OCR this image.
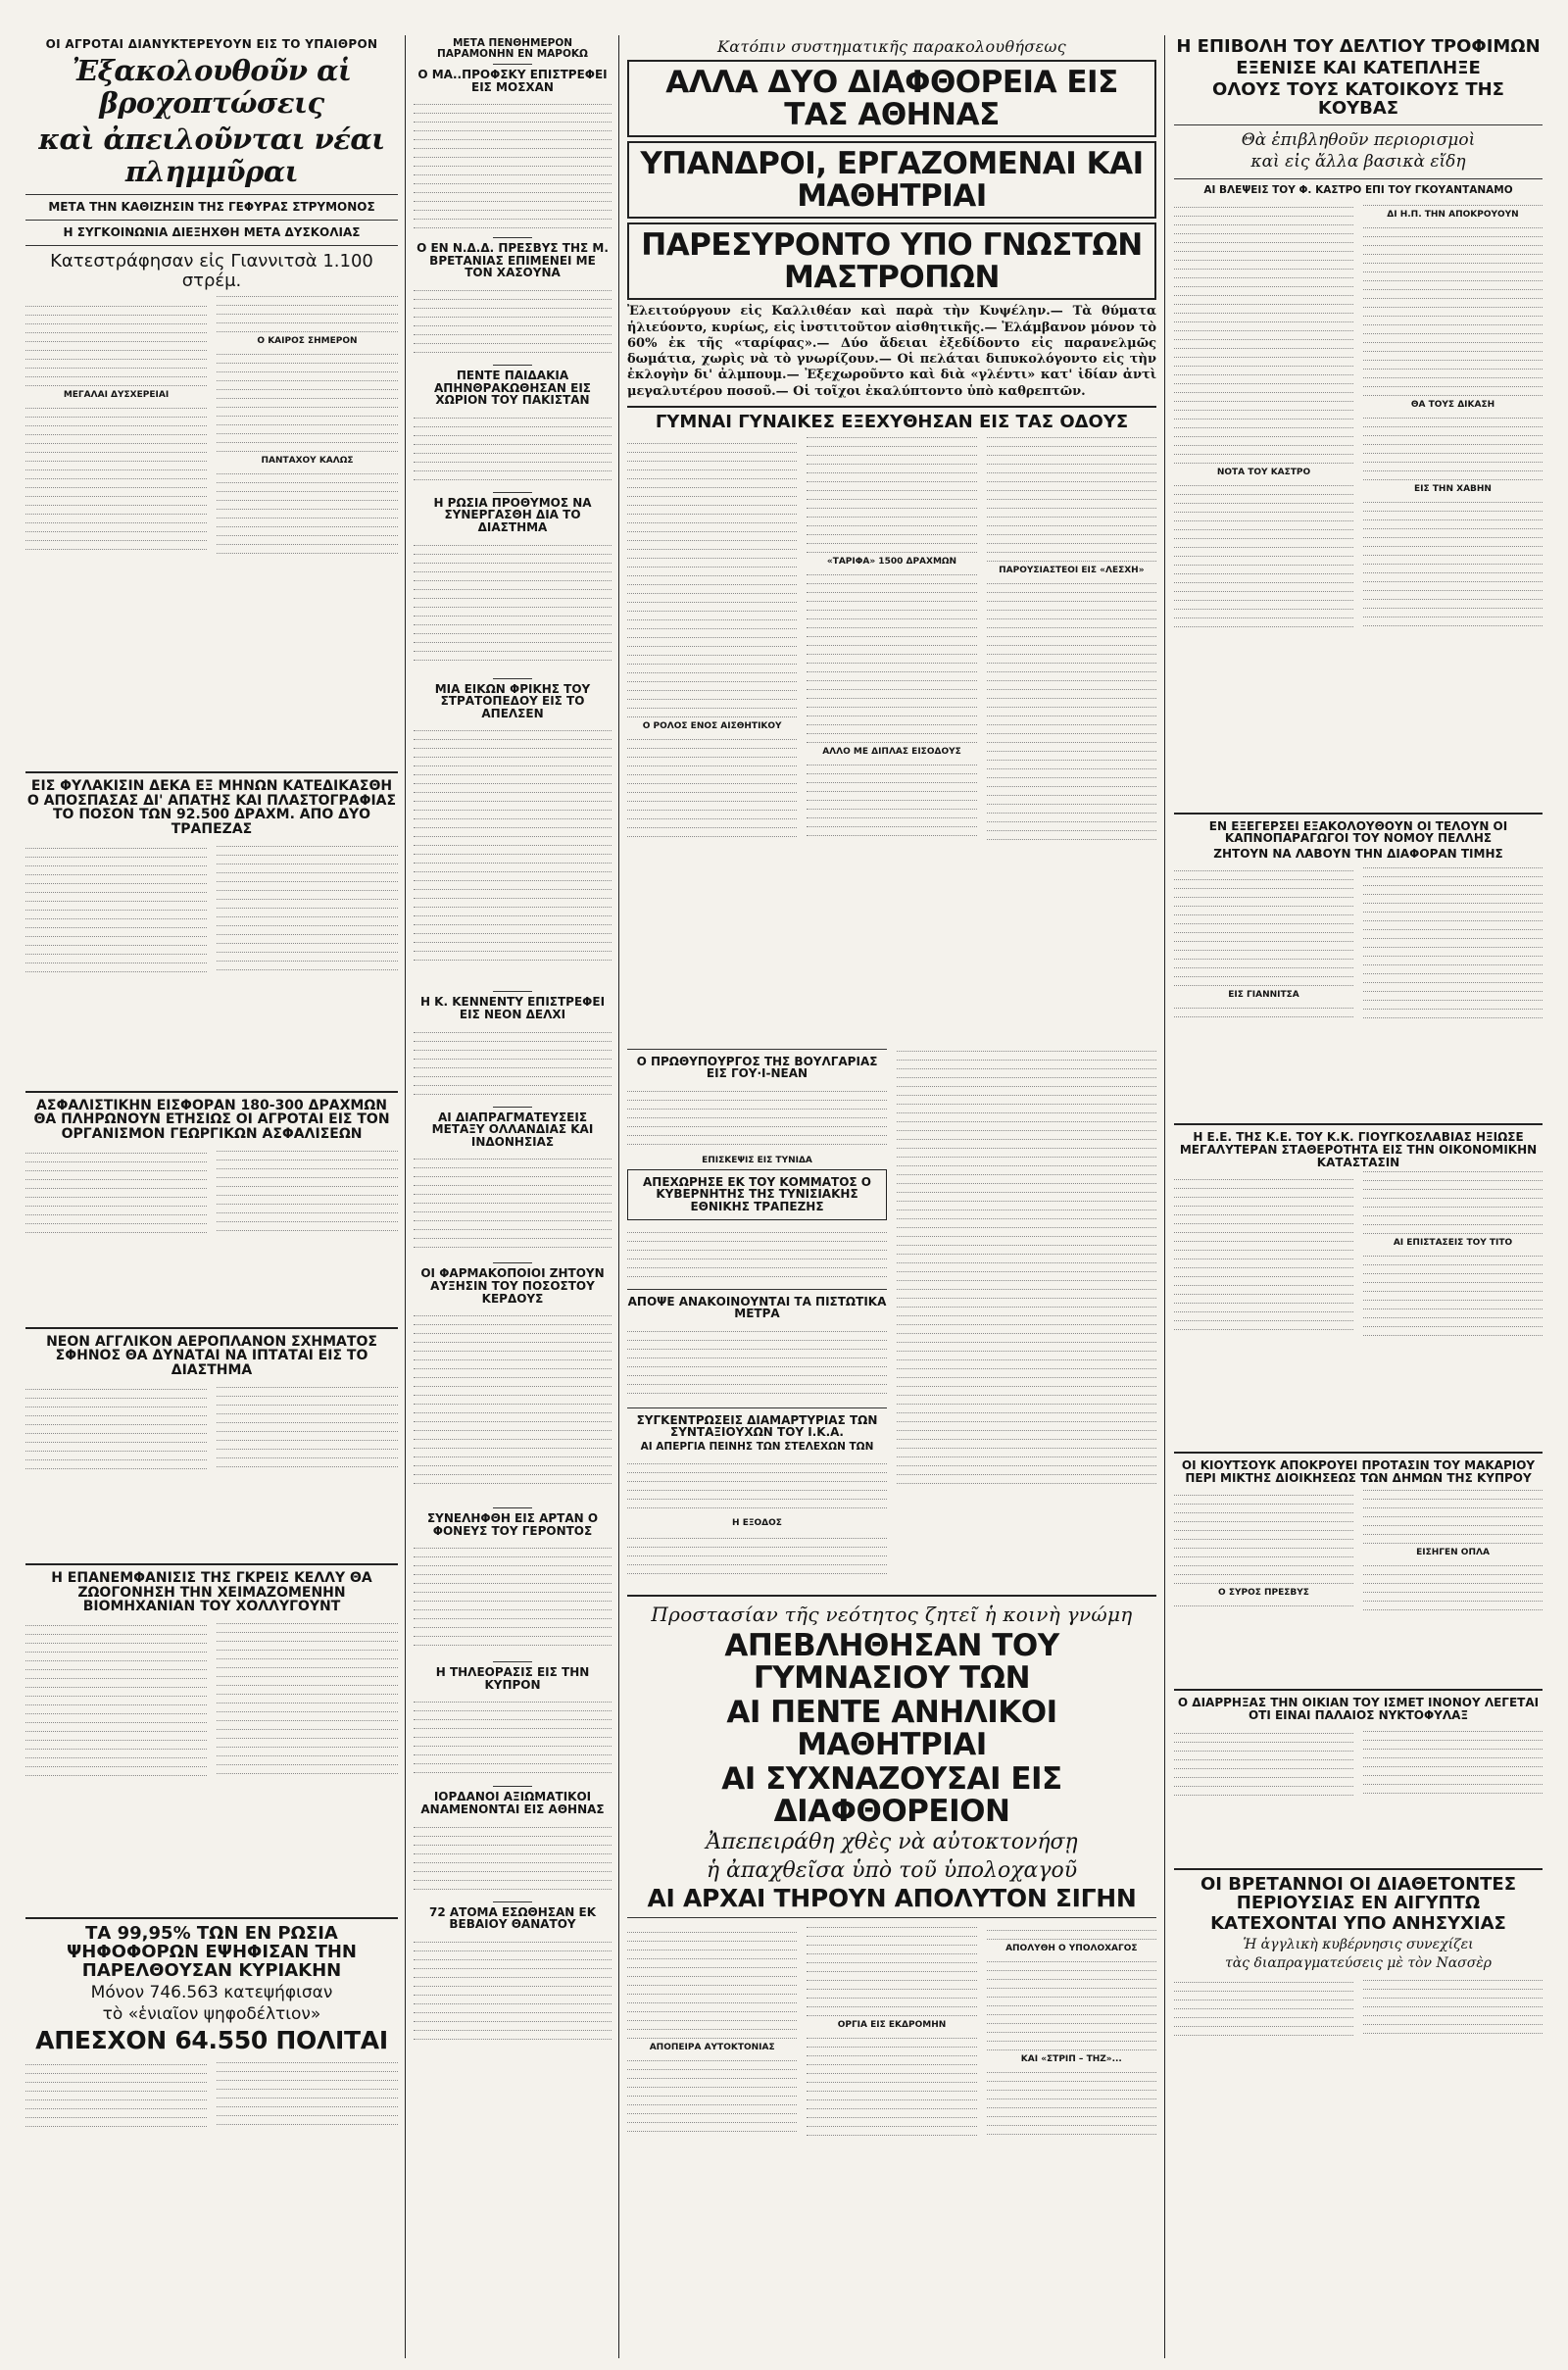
ΟΙ ΑΓΡΟΤΑΙ ΔΙΑΝΥΚΤΕΡΕΥΟΥΝ ΕΙΣ ΤΟ ΥΠΑΙΘΡΟΝ
Ἐξακολουθοῦν αἱ βροχοπτώσεις
καὶ ἀπειλοῦνται νέαι πλημμῦραι
ΜΕΤΑ ΤΗΝ ΚΑΘΙΖΗΣΙΝ ΤΗΣ ΓΕΦΥΡΑΣ ΣΤΡΥΜΟΝΟΣ
Η ΣΥΓΚΟΙΝΩΝΙΑ ΔΙΕΞΗΧΘΗ ΜΕΤΑ ΔΥΣΚΟΛΙΑΣ
Κατεστράφησαν εἰς Γιαννιτσὰ 1.100 στρέμ.

ΜΕΓΑΛΑΙ ΔΥΣΧΕΡΕΙΑΙ
Ο ΚΑΙΡΟΣ ΣΗΜΕΡΟΝ
ΠΑΝΤΑΧΟΥ ΚΑΛΩΣ
ΕΙΣ ΦΥΛΑΚΙΣΙΝ ΔΕΚΑ ΕΞ ΜΗΝΩΝ ΚΑΤΕΔΙΚΑΣΘΗ Ο ΑΠΟΣΠΑΣΑΣ ΔΙ' ΑΠΑΤΗΣ ΚΑΙ ΠΛΑΣΤΟΓΡΑΦΙΑΣ ΤΟ ΠΟΣΟΝ ΤΩΝ 92.500 ΔΡΑΧΜ. ΑΠΟ ΔΥΟ ΤΡΑΠΕΖΑΣ
ΑΣΦΑΛΙΣΤΙΚΗΝ ΕΙΣΦΟΡΑΝ 180-300 ΔΡΑΧΜΩΝ ΘΑ ΠΛΗΡΩΝΟΥΝ ΕΤΗΣΙΩΣ ΟΙ ΑΓΡΟΤΑΙ ΕΙΣ ΤΟΝ ΟΡΓΑΝΙΣΜΟΝ ΓΕΩΡΓΙΚΩΝ ΑΣΦΑΛΙΣΕΩΝ
ΝΕΟΝ ΑΓΓΛΙΚΟΝ ΑΕΡΟΠΛΑΝΟΝ ΣΧΗΜΑΤΟΣ ΣΦΗΝΟΣ ΘΑ ΔΥΝΑΤΑΙ ΝΑ ΙΠΤΑΤΑΙ ΕΙΣ ΤΟ ΔΙΑΣΤΗΜΑ
Η ΕΠΑΝΕΜΦΑΝΙΣΙΣ ΤΗΣ ΓΚΡΕΙΣ ΚΕΛΛΥ ΘΑ ΖΩΟΓΟΝΗΣΗ ΤΗΝ ΧΕΙΜΑΖΟΜΕΝΗΝ ΒΙΟΜΗΧΑΝΙΑΝ ΤΟΥ ΧΟΛΛΥΓΟΥΝΤ
ΤΑ 99,95% ΤΩΝ ΕΝ ΡΩΣΙΑ ΨΗΦΟΦΟΡΩΝ ΕΨΗΦΙΣΑΝ ΤΗΝ ΠΑΡΕΛΘΟΥΣΑΝ ΚΥΡΙΑΚΗΝ
Μόνον 746.563 κατεψήφισαν
τὸ «ἑνιαῖον ψηφοδέλτιον»
ΑΠΕΣΧΟΝ 64.550 ΠΟΛΙΤΑΙ
ΜΕΤΑ ΠΕΝΘΗΜΕΡΟΝ ΠΑΡΑΜΟΝΗΝ ΕΝ ΜΑΡΟΚΩ
Ο ΜΑ..ΠΡΟΦΣΚΥ ΕΠΙΣΤΡΕΦΕΙ ΕΙΣ ΜΟΣΧΑΝ
Ο ΕΝ Ν.Δ.Δ. ΠΡΕΣΒΥΣ ΤΗΣ Μ. ΒΡΕΤΑΝΙΑΣ ΕΠΙΜΕΝΕΙ ΜΕ ΤΟΝ ΧΑΣΟΥΝΑ
ΠΕΝΤΕ ΠΑΙΔΑΚΙΑ ΑΠΗΝΘΡΑΚΩΘΗΣΑΝ ΕΙΣ ΧΩΡΙΟΝ ΤΟΥ ΠΑΚΙΣΤΑΝ
Η ΡΩΣΙΑ ΠΡΟΘΥΜΟΣ ΝΑ ΣΥΝΕΡΓΑΣΘΗ ΔΙΑ ΤΟ ΔΙΑΣΤΗΜΑ
ΜΙΑ ΕΙΚΩΝ ΦΡΙΚΗΣ ΤΟΥ ΣΤΡΑΤΟΠΕΔΟΥ ΕΙΣ ΤΟ ΑΠΕΛΣΕΝ
Η Κ. ΚΕΝΝΕΝΤΥ ΕΠΙΣΤΡΕΦΕΙ ΕΙΣ ΝΕΟΝ ΔΕΛΧΙ
ΑΙ ΔΙΑΠΡΑΓΜΑΤΕΥΣΕΙΣ ΜΕΤΑΞΥ ΟΛΛΑΝΔΙΑΣ ΚΑΙ ΙΝΔΟΝΗΣΙΑΣ
ΟΙ ΦΑΡΜΑΚΟΠΟΙΟΙ ΖΗΤΟΥΝ ΑΥΞΗΣΙΝ ΤΟΥ ΠΟΣΟΣΤΟΥ ΚΕΡΔΟΥΣ
ΣΥΝΕΛΗΦΘΗ ΕΙΣ ΑΡΤΑΝ Ο ΦΟΝΕΥΣ ΤΟΥ ΓΕΡΟΝΤΟΣ
Η ΤΗΛΕΟΡΑΣΙΣ ΕΙΣ ΤΗΝ ΚΥΠΡΟΝ
ΙΟΡΔΑΝΟΙ ΑΞΙΩΜΑΤΙΚΟΙ ΑΝΑΜΕΝΟΝΤΑΙ ΕΙΣ ΑΘΗΝΑΣ
72 ΑΤΟΜΑ ΕΣΩΘΗΣΑΝ ΕΚ ΒΕΒΑΙΟΥ ΘΑΝΑΤΟΥ
Κατόπιν συστηματικῆς παρακολουθήσεως
ΑΛΛΑ ΔΥΟ ΔΙΑΦΘΟΡΕΙΑ ΕΙΣ ΤΑΣ ΑΘΗΝΑΣ
ΥΠΑΝΔΡΟΙ, ΕΡΓΑΖΟΜΕΝΑΙ ΚΑΙ ΜΑΘΗΤΡΙΑΙ
ΠΑΡΕΣΥΡΟΝΤΟ ΥΠΟ ΓΝΩΣΤΩΝ ΜΑΣΤΡΟΠΩΝ
Ἐλειτούργουν εἰς Καλλιθέαν καὶ παρὰ τὴν Κυψέλην.— Τὰ θύματα ἡλιεύοντο, κυρίως, εἰς ἰνστιτοῦτον αἰσθητικῆς.— Ἐλάμβανον μόνον τὸ 60% ἐκ τῆς «ταρίφας».— Δύο ἄδειαι ἐξεδίδοντο εἰς παρανελμῶς δωμάτια, χωρὶς νὰ τὸ γνωρίζουν.— Οἱ πελάται διπυκολόγοντο εἰς τὴν ἐκλογὴν δι' ἀλμπουμ.— Ἐξεχωροῦντο καὶ διὰ «γλέντι» κατ' ἰδίαν ἀντὶ μεγαλυτέρου ποσοῦ.— Οἱ τοῖχοι ἐκαλύπτοντο ὑπὸ καθρεπτῶν.
ΓΥΜΝΑΙ ΓΥΝΑΙΚΕΣ ΕΞΕΧΥΘΗΣΑΝ ΕΙΣ ΤΑΣ ΟΔΟΥΣ
Ο ΡΟΛΟΣ ΕΝΟΣ ΑΙΣΘΗΤΙΚΟΥ
«ΤΑΡΙΦΑ» 1500 ΔΡΑΧΜΩΝ
ΑΛΛΟ ΜΕ ΔΙΠΛΑΣ ΕΙΣΟΔΟΥΣ
ΠΑΡΟΥΣΙΑΣΤΕΟΙ ΕΙΣ «ΛΕΣΧΗ»
Ο ΠΡΩΘΥΠΟΥΡΓΟΣ ΤΗΣ ΒΟΥΛΓΑΡΙΑΣ ΕΙΣ ΓΟΥ·Ι-ΝΕΑΝ
ΕΠΙΣΚΕΨΙΣ ΕΙΣ ΤΥΝΙΔΑ
ΑΠΕΧΩΡΗΣΕ ΕΚ ΤΟΥ ΚΟΜΜΑΤΟΣ Ο ΚΥΒΕΡΝΗΤΗΣ ΤΗΣ ΤΥΝΙΣΙΑΚΗΣ ΕΘΝΙΚΗΣ ΤΡΑΠΕΖΗΣ
ΑΠΟΨΕ ΑΝΑΚΟΙΝΟΥΝΤΑΙ ΤΑ ΠΙΣΤΩΤΙΚΑ ΜΕΤΡΑ
ΣΥΓΚΕΝΤΡΩΣΕΙΣ ΔΙΑΜΑΡΤΥΡΙΑΣ ΤΩΝ ΣΥΝΤΑΞΙΟΥΧΩΝ ΤΟΥ Ι.Κ.Α.
ΑΙ ΑΠΕΡΓΙΑ ΠΕΙΝΗΣ ΤΩΝ ΣΤΕΛΕΧΩΝ ΤΩΝ
Η ΕΞΟΔΟΣ
Προστασίαν τῆς νεότητος ζητεῖ ἡ κοινὴ γνώμη
ΑΠΕΒΛΗΘΗΣΑΝ ΤΟΥ ΓΥΜΝΑΣΙΟΥ ΤΩΝ
ΑΙ ΠΕΝΤΕ ΑΝΗΛΙΚΟΙ ΜΑΘΗΤΡΙΑΙ
ΑΙ ΣΥΧΝΑΖΟΥΣΑΙ ΕΙΣ ΔΙΑΦΘΟΡΕΙΟΝ
Ἀπεπειράθη χθὲς νὰ αὐτοκτονήσῃ
ἡ ἀπαχθεῖσα ὑπὸ τοῦ ὑπολοχαγοῦ
ΑΙ ΑΡΧΑΙ ΤΗΡΟΥΝ ΑΠΟΛΥΤΟΝ ΣΙΓΗΝ
ΑΠΟΠΕΙΡΑ ΑΥΤΟΚΤΟΝΙΑΣ
ΟΡΓΙΑ ΕΙΣ ΕΚΔΡΟΜΗΝ
ΑΠΟΛΥΘΗ Ο ΥΠΟΛΟΧΑΓΟΣ
ΚΑΙ «ΣΤΡΙΠ – ΤΗΖ»...
Η ΕΠΙΒΟΛΗ ΤΟΥ ΔΕΛΤΙΟΥ ΤΡΟΦΙΜΩΝ
ΕΞΕΝΙΣΕ ΚΑΙ ΚΑΤΕΠΛΗΞΕ
ΟΛΟΥΣ ΤΟΥΣ ΚΑΤΟΙΚΟΥΣ ΤΗΣ ΚΟΥΒΑΣ
Θὰ ἐπιβληθοῦν περιορισμοὶ
καὶ εἰς ἄλλα βασικὰ εἴδη
ΑΙ ΒΛΕΨΕΙΣ ΤΟΥ Φ. ΚΑΣΤΡΟ ΕΠΙ ΤΟΥ ΓΚΟΥΑΝΤΑΝΑΜΟ
ΝΟΤΑ ΤΟΥ ΚΑΣΤΡΟ
ΔΙ Η.Π. ΤΗΝ ΑΠΟΚΡΟΥΟΥΝ
ΘΑ ΤΟΥΣ ΔΙΚΑΣΗ
ΕΙΣ ΤΗΝ ΧΑΒΗΝ
ΕΝ ΕΞΕΓΕΡΣΕΙ ΕΞΑΚΟΛΟΥΘΟΥΝ ΟΙ ΤΕΛΟΥΝ ΟΙ ΚΑΠΝΟΠΑΡΑΓΩΓΟΙ ΤΟΥ ΝΟΜΟΥ ΠΕΛΛΗΣ
ΖΗΤΟΥΝ ΝΑ ΛΑΒΟΥΝ ΤΗΝ ΔΙΑΦΟΡΑΝ ΤΙΜΗΣ
ΕΙΣ ΓΙΑΝΝΙΤΣΑ
Η Ε.Ε. ΤΗΣ Κ.Ε. ΤΟΥ Κ.Κ. ΓΙΟΥΓΚΟΣΛΑΒΙΑΣ ΗΞΙΩΣΕ ΜΕΓΑΛΥΤΕΡΑΝ ΣΤΑΘΕΡΟΤΗΤΑ ΕΙΣ ΤΗΝ ΟΙΚΟΝΟΜΙΚΗΝ ΚΑΤΑΣΤΑΣΙΝ
ΑΙ ΕΠΙΣΤΑΣΕΙΣ ΤΟΥ ΤΙΤΟ
ΟΙ ΚΙΟΥΤΣΟΥΚ ΑΠΟΚΡΟΥΕΙ ΠΡΟΤΑΣΙΝ ΤΟΥ ΜΑΚΑΡΙΟΥ ΠΕΡΙ ΜΙΚΤΗΣ ΔΙΟΙΚΗΣΕΩΣ ΤΩΝ ΔΗΜΩΝ ΤΗΣ ΚΥΠΡΟΥ
Ο ΣΥΡΟΣ ΠΡΕΣΒΥΣ
ΕΙΣΗΓΕΝ ΟΠΛΑ
Ο ΔΙΑΡΡΗΞΑΣ ΤΗΝ ΟΙΚΙΑΝ ΤΟΥ ΙΣΜΕΤ ΙΝΟΝΟΥ ΛΕΓΕΤΑΙ ΟΤΙ ΕΙΝΑΙ ΠΑΛΑΙΟΣ ΝΥΚΤΟΦΥΛΑΞ
ΟΙ ΒΡΕΤΑΝΝΟΙ ΟΙ ΔΙΑΘΕΤΟΝΤΕΣ ΠΕΡΙΟΥΣΙΑΣ ΕΝ ΑΙΓΥΠΤΩ
ΚΑΤΕΧΟΝΤΑΙ ΥΠΟ ΑΝΗΣΥΧΙΑΣ
Ἡ ἀγγλικὴ κυβέρνησις συνεχίζει
τὰς διαπραγματεύσεις μὲ τὸν Νασσὲρ
